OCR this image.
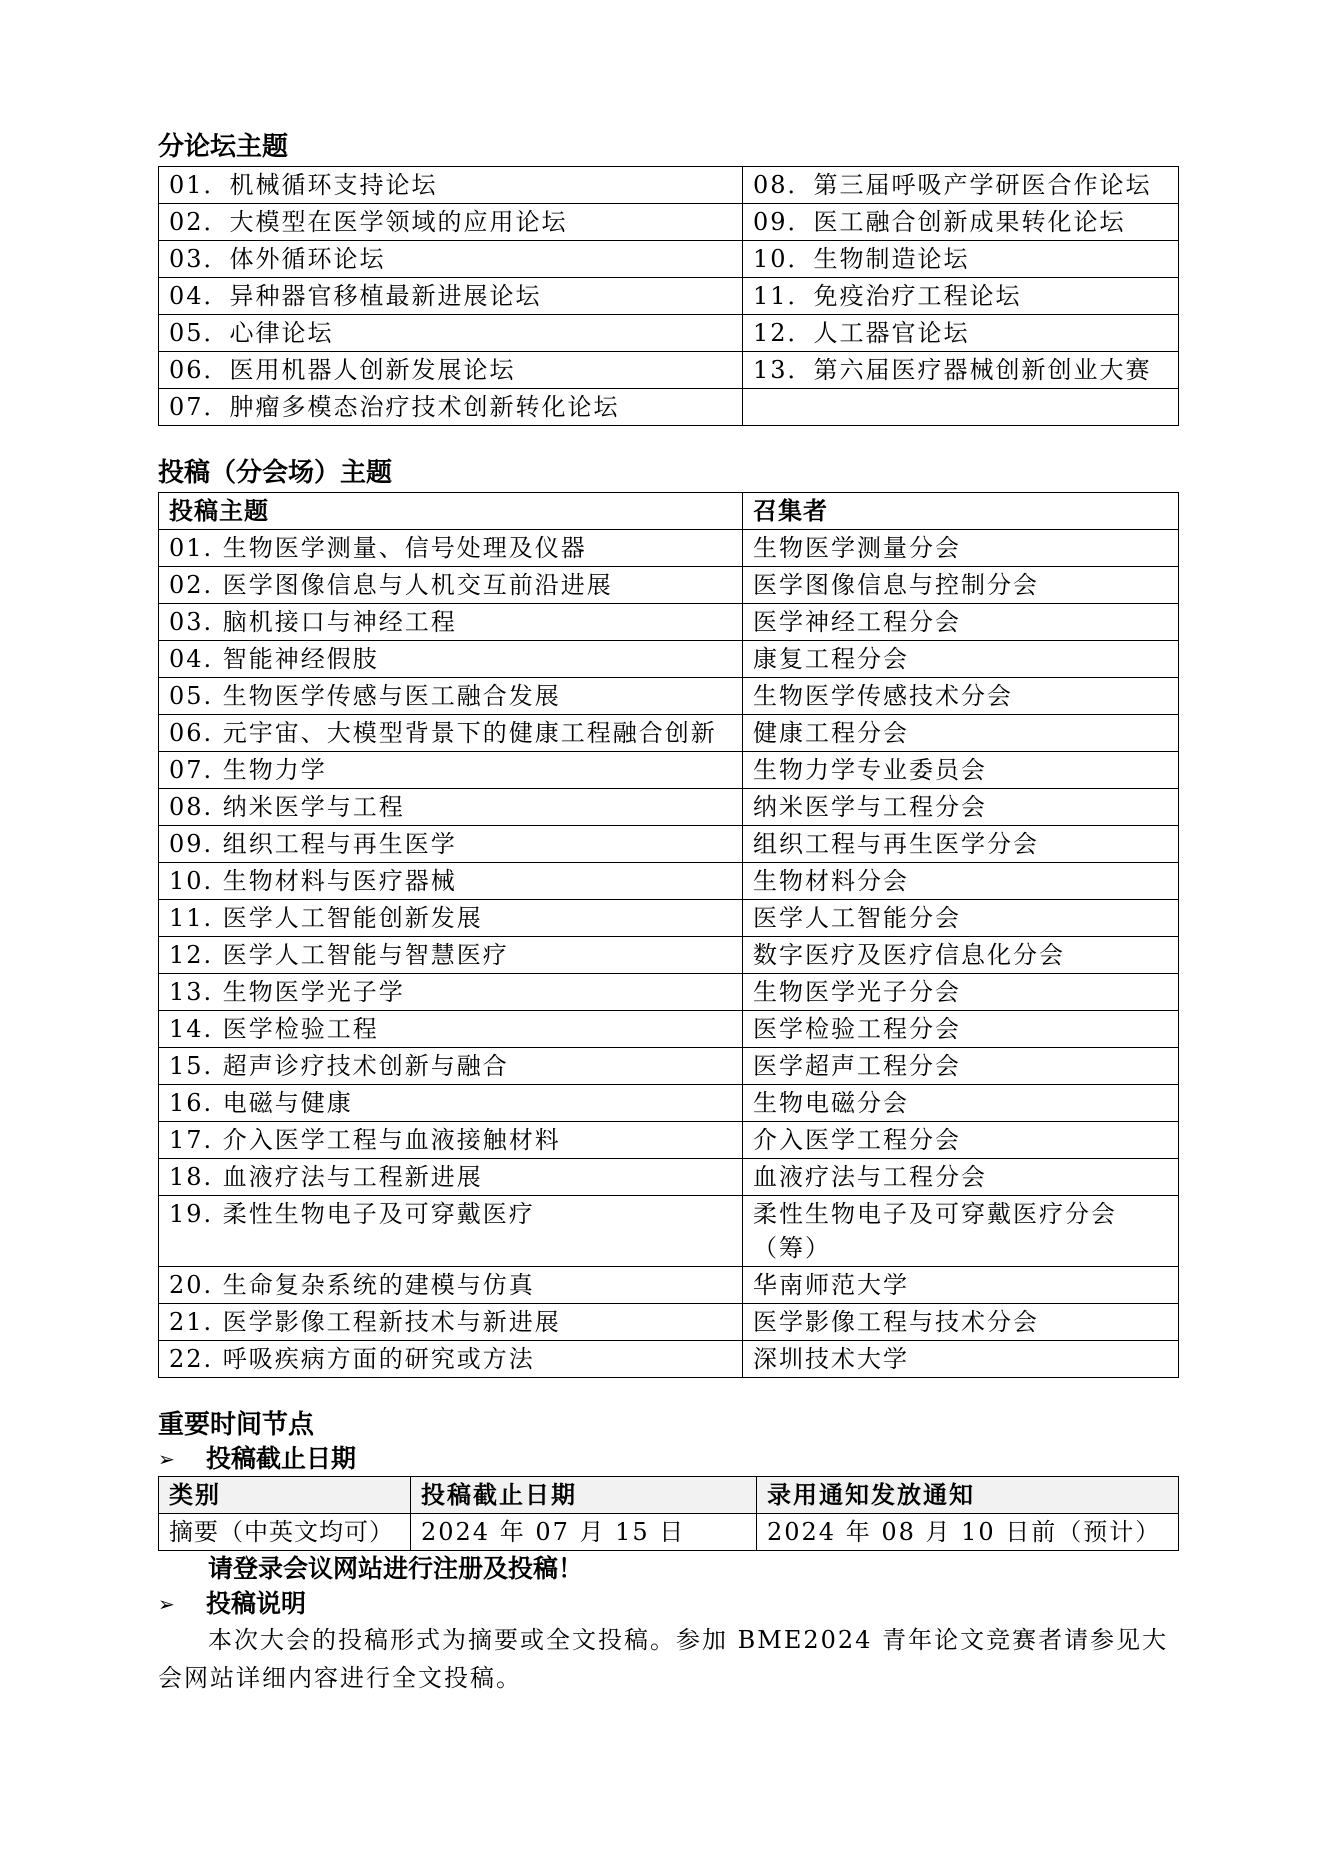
分论坛主题
01．机械循环支持论坛	08．第三届呼吸产学研医合作论坛
02．大模型在医学领域的应用论坛	09．医工融合创新成果转化论坛
03．体外循环论坛	10．生物制造论坛
04．异种器官移植最新进展论坛	11．免疫治疗工程论坛
05．心律论坛	12．人工器官论坛
06．医用机器人创新发展论坛	13．第六届医疗器械创新创业大赛
07．肿瘤多模态治疗技术创新转化论坛	
投稿（分会场）主题
投稿主题	召集者
01. 生物医学测量、信号处理及仪器	生物医学测量分会
02. 医学图像信息与人机交互前沿进展	医学图像信息与控制分会
03. 脑机接口与神经工程	医学神经工程分会
04. 智能神经假肢	康复工程分会
05. 生物医学传感与医工融合发展	生物医学传感技术分会
06. 元宇宙、大模型背景下的健康工程融合创新	健康工程分会
07. 生物力学	生物力学专业委员会
08. 纳米医学与工程	纳米医学与工程分会
09. 组织工程与再生医学	组织工程与再生医学分会
10. 生物材料与医疗器械	生物材料分会
11. 医学人工智能创新发展	医学人工智能分会
12. 医学人工智能与智慧医疗	数字医疗及医疗信息化分会
13. 生物医学光子学	生物医学光子分会
14. 医学检验工程	医学检验工程分会
15. 超声诊疗技术创新与融合	医学超声工程分会
16. 电磁与健康	生物电磁分会
17. 介入医学工程与血液接触材料	介入医学工程分会
18. 血液疗法与工程新进展	血液疗法与工程分会
19. 柔性生物电子及可穿戴医疗	柔性生物电子及可穿戴医疗分会（筹）
20. 生命复杂系统的建模与仿真	华南师范大学
21. 医学影像工程新技术与新进展	医学影像工程与技术分会
22. 呼吸疾病方面的研究或方法	深圳技术大学
重要时间节点
➢	投稿截止日期
类别	投稿截止日期	录用通知发放通知
摘要（中英文均可）	2024 年 07 月 15 日	2024 年 08 月 10 日前（预计）
请登录会议网站进行注册及投稿！
➢	投稿说明

本次大会的投稿形式为摘要或全文投稿。参加 BME2024 青年论文竞赛者请参见大会网站详细内容进行全文投稿。
